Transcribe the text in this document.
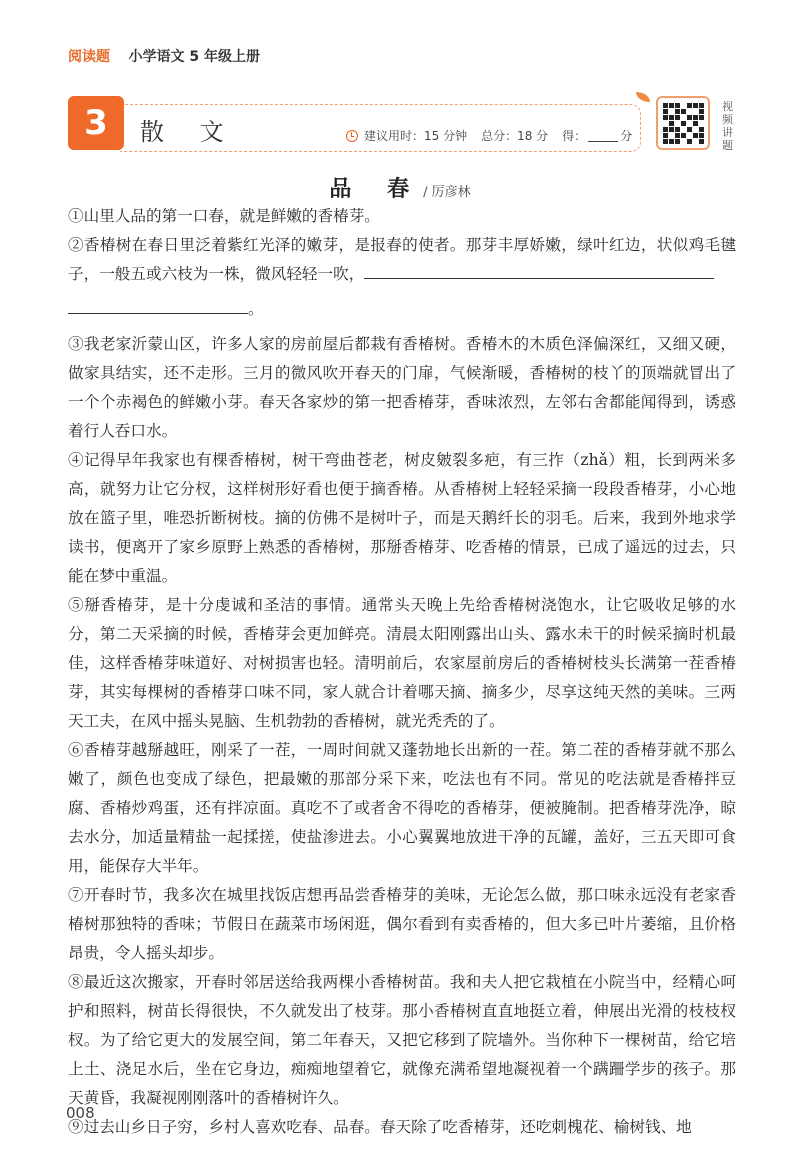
阅读题 小学语文 5 年级上册
3	散 文	建议用时：15 分钟 总分：18 分 得：	分
视频讲题
品 春/ 厉彦林

①山里人品的第一口春，就是鲜嫩的香椿芽。

②香椿树在春日里泛着紫红光泽的嫩芽，是报春的使者。那芽丰厚娇嫩，绿叶红边，状似鸡毛毽子，一般五或六枝为一株，微风轻轻一吹，

。

③我老家沂蒙山区，许多人家的房前屋后都栽有香椿树。香椿木的木质色泽偏深红，又细又硬，做家具结实，还不走形。三月的微风吹开春天的门扉，气候渐暖，香椿树的枝丫的顶端就冒出了一个个赤褐色的鲜嫩小芽。春天各家炒的第一把香椿芽，香味浓烈，左邻右舍都能闻得到，诱惑着行人吞口水。

④记得早年我家也有棵香椿树，树干弯曲苍老，树皮皴裂多疤，有三拃（zhǎ）粗，长到两米多高，就努力让它分杈，这样树形好看也便于摘香椿。从香椿树上轻轻采摘一段段香椿芽，小心地放在篮子里，唯恐折断树枝。摘的仿佛不是树叶子，而是天鹅纤长的羽毛。后来，我到外地求学读书，便离开了家乡原野上熟悉的香椿树，那掰香椿芽、吃香椿的情景，已成了遥远的过去，只能在梦中重温。

⑤掰香椿芽，是十分虔诚和圣洁的事情。通常头天晚上先给香椿树浇饱水，让它吸收足够的水分，第二天采摘的时候，香椿芽会更加鲜亮。清晨太阳刚露出山头、露水未干的时候采摘时机最佳，这样香椿芽味道好、对树损害也轻。清明前后，农家屋前房后的香椿树枝头长满第一茬香椿芽，其实每棵树的香椿芽口味不同，家人就合计着哪天摘、摘多少，尽享这纯天然的美味。三两天工夫，在风中摇头晃脑、生机勃勃的香椿树，就光秃秃的了。

⑥香椿芽越掰越旺，刚采了一茬，一周时间就又蓬勃地长出新的一茬。第二茬的香椿芽就不那么嫩了，颜色也变成了绿色，把最嫩的那部分采下来，吃法也有不同。常见的吃法就是香椿拌豆腐、香椿炒鸡蛋，还有拌凉面。真吃不了或者舍不得吃的香椿芽，便被腌制。把香椿芽洗净，晾去水分，加适量精盐一起揉搓，使盐渗进去。小心翼翼地放进干净的瓦罐，盖好，三五天即可食用，能保存大半年。

⑦开春时节，我多次在城里找饭店想再品尝香椿芽的美味，无论怎么做，那口味永远没有老家香椿树那独特的香味；节假日在蔬菜市场闲逛，偶尔看到有卖香椿的，但大多已叶片萎缩，且价格昂贵，令人摇头却步。

⑧最近这次搬家，开春时邻居送给我两棵小香椿树苗。我和夫人把它栽植在小院当中，经精心呵护和照料，树苗长得很快，不久就发出了枝芽。那小香椿树直直地挺立着，伸展出光滑的枝枝杈杈。为了给它更大的发展空间，第二年春天，又把它移到了院墙外。当你种下一棵树苗，给它培上土、浇足水后，坐在它身边，痴痴地望着它，就像充满希望地凝视着一个蹒跚学步的孩子。那天黄昏，我凝视刚刚落叶的香椿树许久。

⑨过去山乡日子穷，乡村人喜欢吃春、品春。春天除了吃香椿芽，还吃刺槐花、榆树钱、地

008
